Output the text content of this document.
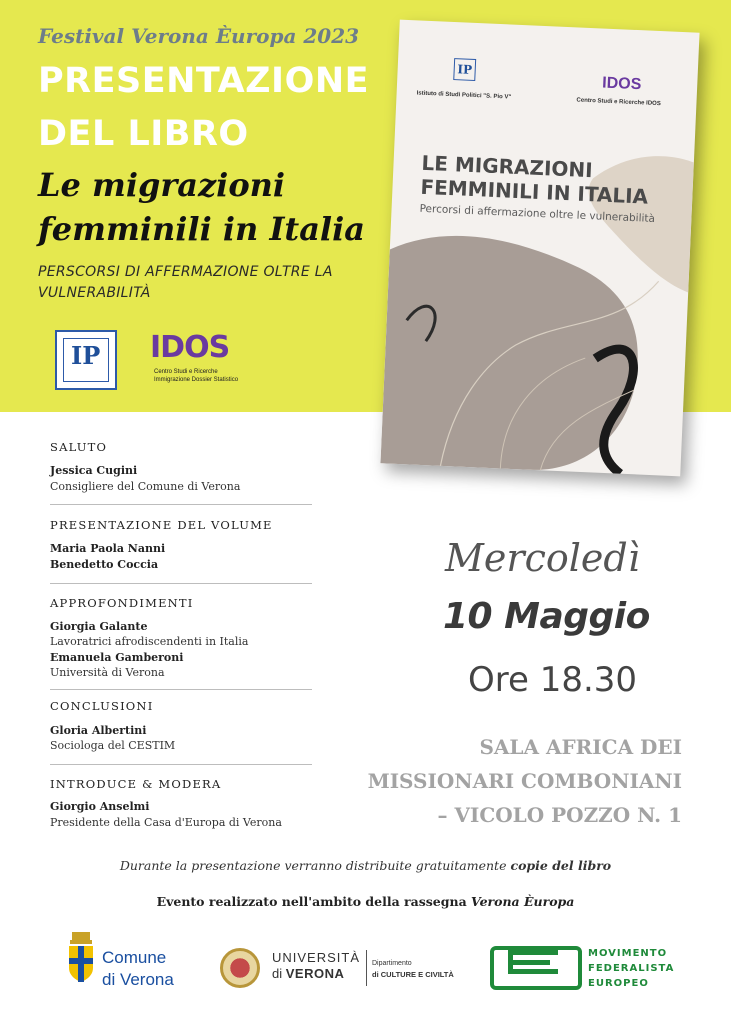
Festival Verona Èuropa 2023
PRESENTAZIONE
DEL LIBRO
Le migrazioni
femminili in Italia
PERSCORSI DI AFFERMAZIONE OLTRE LA VULNERABILITÀ
IP IDOS
Centro Studi e Ricerche
Immigrazione Dossier Statistico
IP
IDOS
Istituto di Studi Politici "S. Pio V"
Centro Studi e Ricerche IDOS
LE MIGRAZIONI
FEMMINILI IN ITALIA
Percorsi di affermazione oltre le vulnerabilità
SALUTO
Jessica Cugini
Consigliere del Comune di Verona
PRESENTAZIONE DEL VOLUME
Maria Paola Nanni
Benedetto Coccia
APPROFONDIMENTI
Giorgia Galante
Lavoratrici afrodiscendenti in Italia
Emanuela Gamberoni
Università di Verona
CONCLUSIONI
Gloria Albertini
Sociologa del CESTIM
INTRODUCE & MODERA
Giorgio Anselmi
Presidente della Casa d'Europa di Verona
Mercoledì
10 Maggio
Ore 18.30
SALA AFRICA DEI
MISSIONARI COMBONIANI
– VICOLO POZZO N. 1
Durante la presentazione verranno distribuite gratuitamente copie del libro
Evento realizzato nell'ambito della rassegna Verona Èuropa
Comune
di Verona
UNIVERSITÀ
di VERONA
Dipartimento
di CULTURE E CIVILTÀ
MOVIMENTO
FEDERALISTA
EUROPEO
